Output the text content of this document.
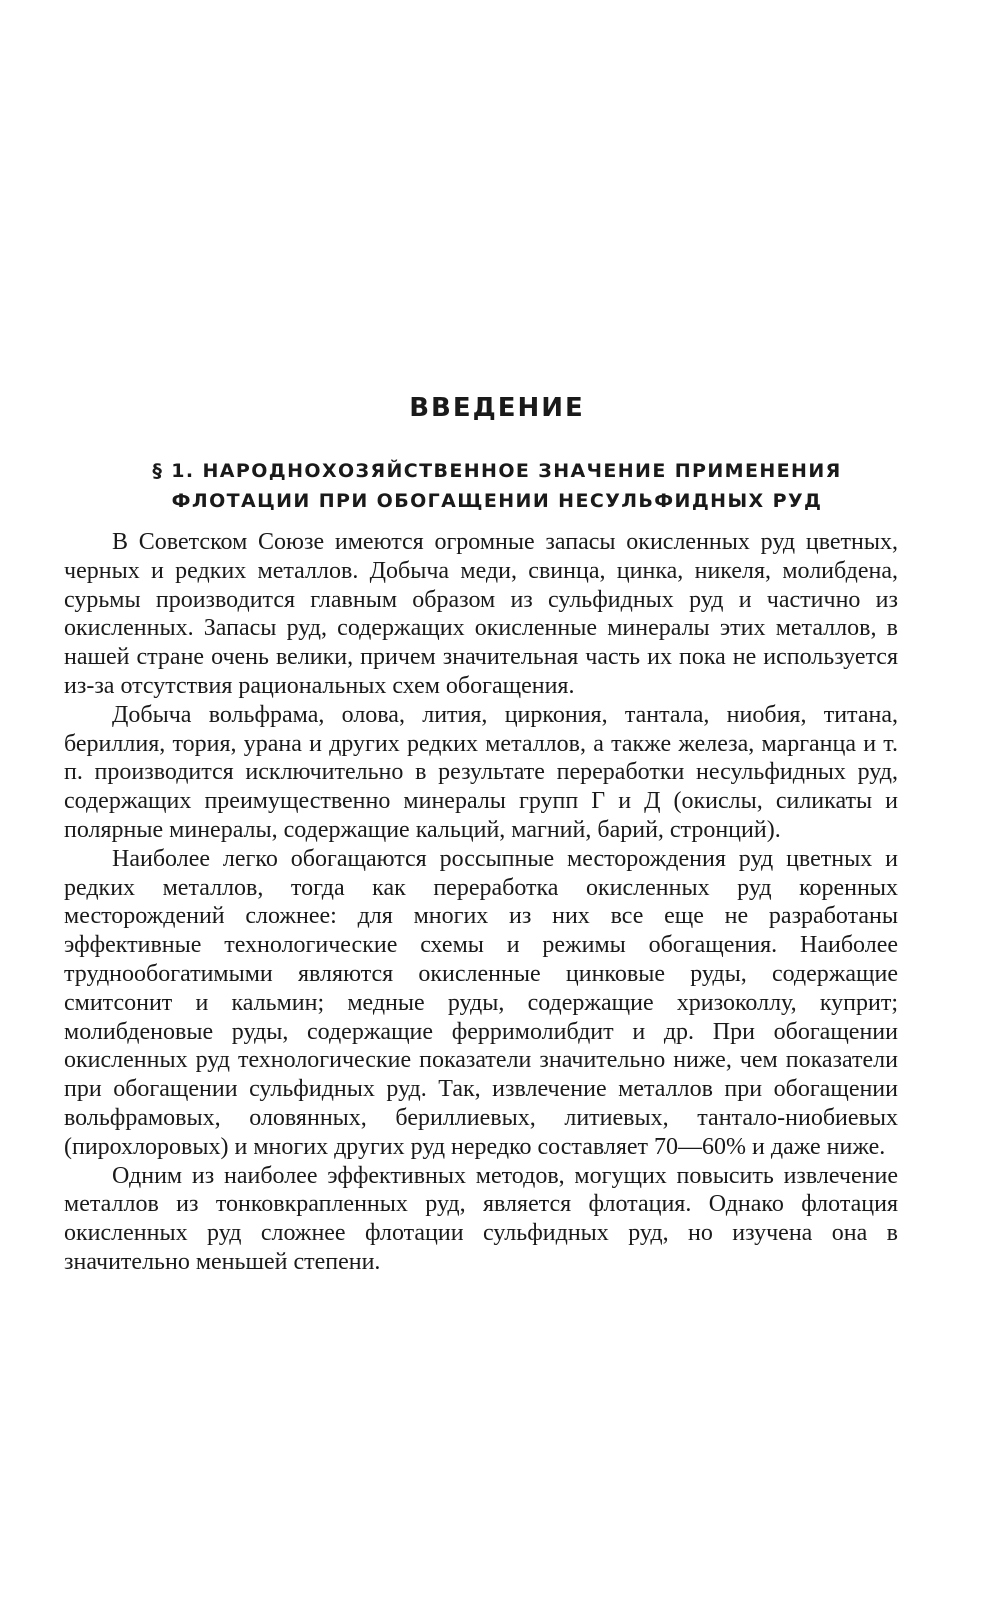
ВВЕДЕНИЕ
§ 1. НАРОДНОХОЗЯЙСТВЕННОЕ ЗНАЧЕНИЕ ПРИМЕНЕНИЯ
ФЛОТАЦИИ ПРИ ОБОГАЩЕНИИ НЕСУЛЬФИДНЫХ РУД

В Советском Союзе имеются огромные запасы окисленных руд цветных, черных и редких металлов. Добыча меди, свинца, цинка, никеля, молибдена, сурьмы производится главным образом из сульфидных руд и частично из окисленных. Запасы руд, содержащих окисленные минералы этих металлов, в нашей стране очень велики, причем значительная часть их пока не используется из-за отсутствия рациональных схем обогащения.

Добыча вольфрама, олова, лития, циркония, тантала, ниобия, титана, бериллия, тория, урана и других редких металлов, а также железа, марганца и т. п. производится исключительно в результате переработки несульфидных руд, содержащих преимущественно минералы групп Г и Д (окислы, силикаты и полярные минералы, содержащие кальций, магний, барий, стронций).

Наиболее легко обогащаются россыпные месторождения руд цветных и редких металлов, тогда как переработка окисленных руд коренных месторождений сложнее: для многих из них все еще не разработаны эффективные технологические схемы и режимы обогащения. Наиболее труднообогатимыми являются окисленные цинковые руды, содержащие смитсонит и кальмин; медные руды, содержащие хризоколлу, куприт; молибденовые руды, содержащие ферримолибдит и др. При обогащении окисленных руд технологические показатели значительно ниже, чем показатели при обогащении сульфидных руд. Так, извлечение металлов при обогащении вольфрамовых, оловянных, бериллиевых, литиевых, тантало-ниобиевых (пирохлоровых) и многих других руд нередко составляет 70—60% и даже ниже.

Одним из наиболее эффективных методов, могущих повысить извлечение металлов из тонковкрапленных руд, является флотация. Однако флотация окисленных руд сложнее флотации сульфидных руд, но изучена она в значительно меньшей степени.
